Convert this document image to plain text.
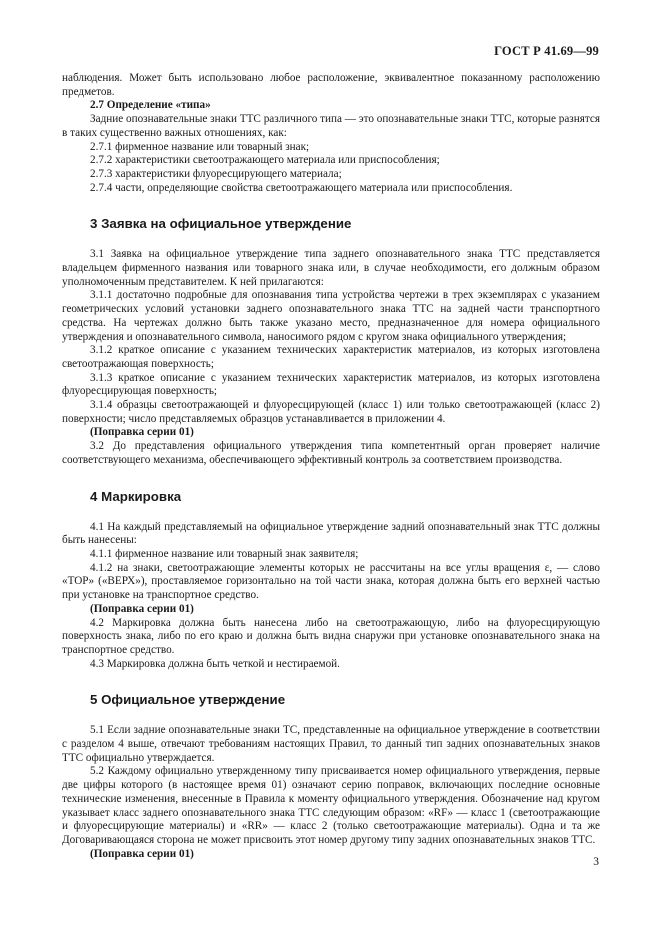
ГОСТ Р 41.69—99

наблюдения. Может быть использовано любое расположение, эквивалентное показанному расположению предметов.

2.7 Определение «типа»

Задние опознавательные знаки ТТС различного типа — это опознавательные знаки ТТС, которые разнятся в таких существенно важных отношениях, как:

2.7.1 фирменное название или товарный знак;

2.7.2 характеристики светоотражающего материала или приспособления;

2.7.3 характеристики флуоресцирующего материала;

2.7.4 части, определяющие свойства светоотражающего материала или приспособления.

3 Заявка на официальное утверждение

3.1 Заявка на официальное утверждение типа заднего опознавательного знака ТТС представляется владельцем фирменного названия или товарного знака или, в случае необходимости, его должным образом уполномоченным представителем. К ней прилагаются:

3.1.1 достаточно подробные для опознавания типа устройства чертежи в трех экземплярах с указанием геометрических условий установки заднего опознавательного знака ТТС на задней части транспортного средства. На чертежах должно быть также указано место, предназначенное для номера официального утверждения и опознавательного символа, наносимого рядом с кругом знака официального утверждения;

3.1.2 краткое описание с указанием технических характеристик материалов, из которых изготовлена светоотражающая поверхность;

3.1.3 краткое описание с указанием технических характеристик материалов, из которых изготовлена флуоресцирующая поверхность;

3.1.4 образцы светоотражающей и флуоресцирующей (класс 1) или только светоотражающей (класс 2) поверхности; число представляемых образцов устанавливается в приложении 4.

(Поправка серии 01)

3.2 До представления официального утверждения типа компетентный орган проверяет наличие соответствующего механизма, обеспечивающего эффективный контроль за соответствием производства.

4 Маркировка

4.1 На каждый представляемый на официальное утверждение задний опознавательный знак ТТС должны быть нанесены:

4.1.1 фирменное название или товарный знак заявителя;

4.1.2 на знаки, светоотражающие элементы которых не рассчитаны на все углы вращения ε, — слово «TOP» («ВЕРХ»), проставляемое горизонтально на той части знака, которая должна быть его верхней частью при установке на транспортное средство.

(Поправка серии 01)

4.2 Маркировка должна быть нанесена либо на светоотражающую, либо на флуоресцирующую поверхность знака, либо по его краю и должна быть видна снаружи при установке опознавательного знака на транспортное средство.

4.3 Маркировка должна быть четкой и нестираемой.

5 Официальное утверждение

5.1 Если задние опознавательные знаки ТС, представленные на официальное утверждение в соответствии с разделом 4 выше, отвечают требованиям настоящих Правил, то данный тип задних опознавательных знаков ТТС официально утверждается.

5.2 Каждому официально утвержденному типу присваивается номер официального утверждения, первые две цифры которого (в настоящее время 01) означают серию поправок, включающих последние основные технические изменения, внесенные в Правила к моменту официального утверждения. Обозначение над кругом указывает класс заднего опознавательного знака ТТС следующим образом: «RF» — класс 1 (светоотражающие и флуоресцирующие материалы) и «RR» — класс 2 (только светоотражающие материалы). Одна и та же Договаривающаяся сторона не может присвоить этот номер другому типу задних опознавательных знаков ТТС.

(Поправка серии 01)

3
